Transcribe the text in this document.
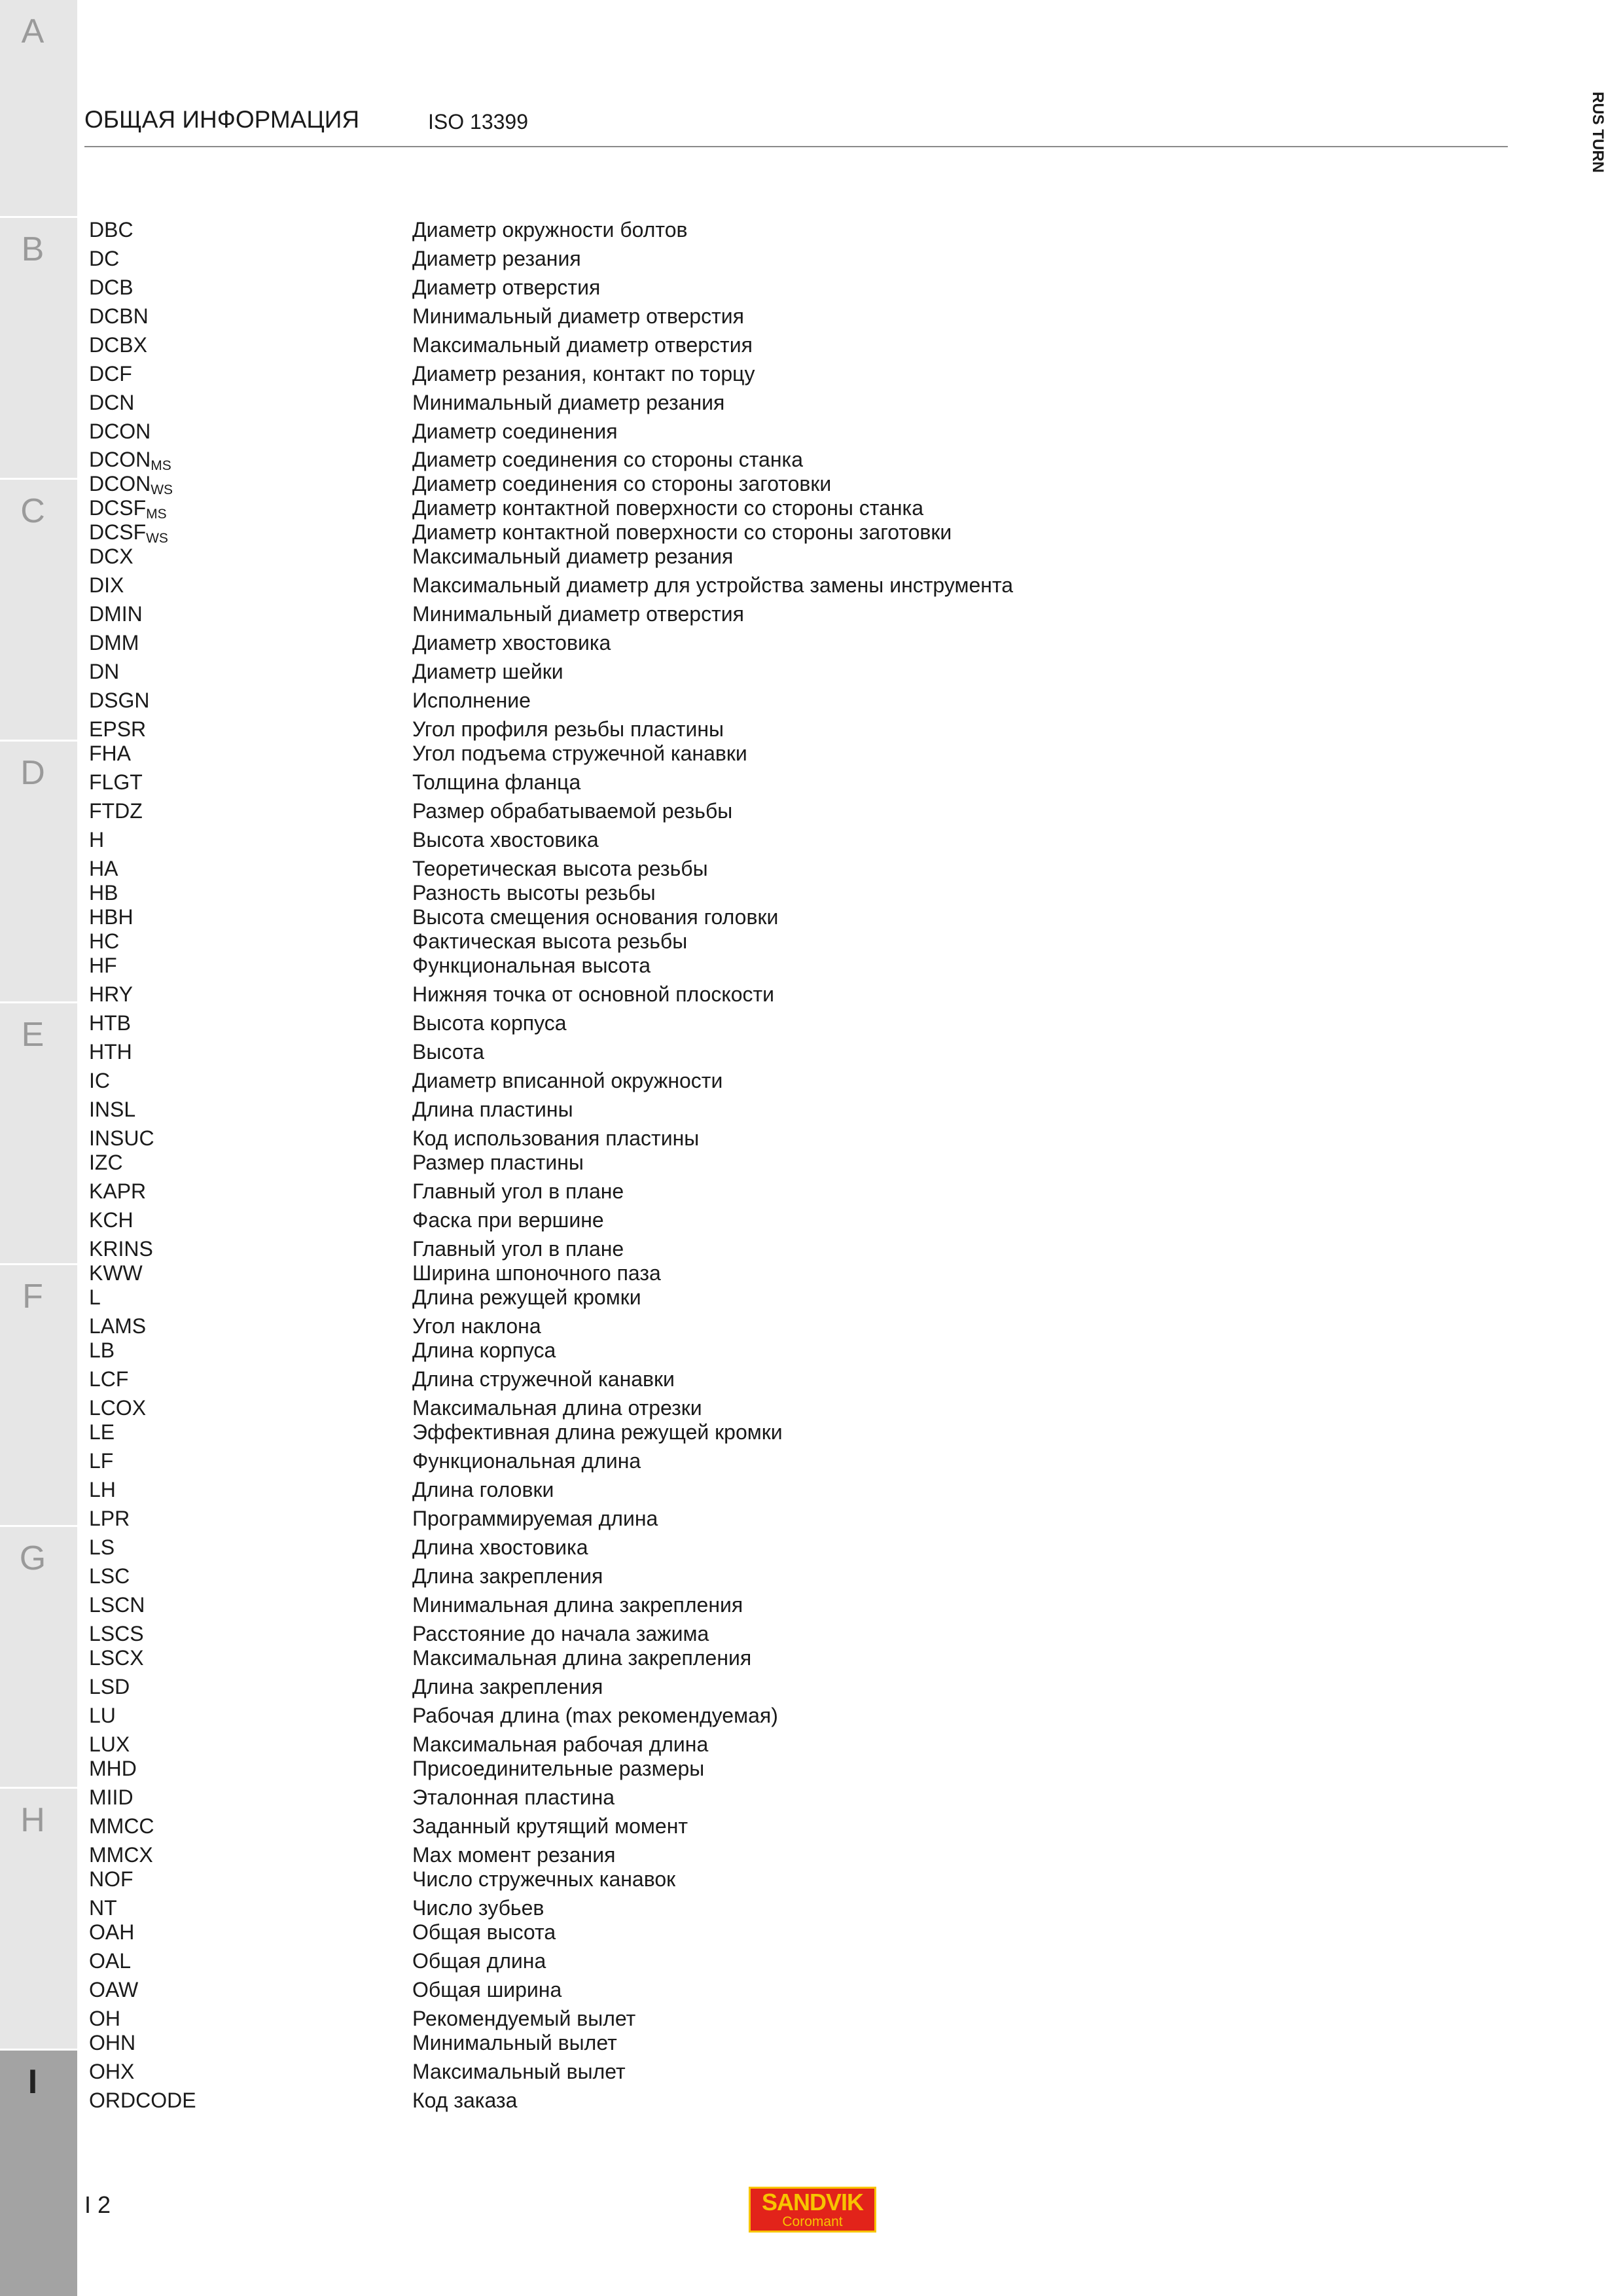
A
B
C
D
E
F
G
H
I
ОБЩАЯ ИНФОРМАЦИЯ	ISO 13399	RUS TURN
DBC	Диаметр окружности болтов
DC	Диаметр резания
DCB	Диаметр отверстия
DCBN	Минимальный диаметр отверстия
DCBX	Максимальный диаметр отверстия
DCF	Диаметр резания, контакт по торцу
DCN	Минимальный диаметр резания
DCON	Диаметр соединения
$DCON_{MS}$	Диаметр соединения со стороны станка
$DCON_{WS}$	Диаметр соединения со стороны заготовки
$DCSF_{MS}$	Диаметр контактной поверхности со стороны станка
$DCSF_{WS}$	Диаметр контактной поверхности со стороны заготовки
DCX	Максимальный диаметр резания
DIX	Максимальный диаметр для устройства замены инструмента
DMIN	Минимальный диаметр отверстия
DMM	Диаметр хвостовика
DN	Диаметр шейки
DSGN	Исполнение
EPSR	Угол профиля резьбы пластины
FHA	Угол подъема стружечной канавки
FLGT	Толщина фланца
FTDZ	Размер обрабатываемой резьбы
H	Высота хвостовика
HA	Теоретическая высота резьбы
HB	Разность высоты резьбы
HBH	Высота смещения основания головки
HC	Фактическая высота резьбы
HF	Функциональная высота
HRY	Нижняя точка от основной плоскости
HTB	Высота корпуса
HTH	Высота
IC	Диаметр вписанной окружности
INSL	Длина пластины
INSUC	Код использования пластины
IZC	Размер пластины
KAPR	Главный угол в плане
KCH	Фаска при вершине
KRINS	Главный угол в плане
KWW	Ширина шпоночного паза
L	Длина режущей кромки
LAMS	Угол наклона
LB	Длина корпуса
LCF	Длина стружечной канавки
LCOX	Максимальная длина отрезки
LE	Эффективная длина режущей кромки
LF	Функциональная длина
LH	Длина головки
LPR	Программируемая длина
LS	Длина хвостовика
LSC	Длина закрепления
LSCN	Минимальная длина закрепления
LSCS	Расстояние до начала зажима
LSCX	Максимальная длина закрепления
LSD	Длина закрепления
LU	Рабочая длина (max рекомендуемая)
LUX	Максимальная рабочая длина
MHD	Присоединительные размеры
MIID	Эталонная пластина
MMCC	Заданный крутящий момент
MMCX	Max момент резания
NOF	Число стружечных канавок
NT	Число зубьев
OAH	Общая высота
OAL	Общая длина
OAW	Общая ширина
OH	Рекомендуемый вылет
OHN	Минимальный вылет
OHX	Максимальный вылет
ORDCODE	Код заказа
I 2	SANDVIK
Coromant
